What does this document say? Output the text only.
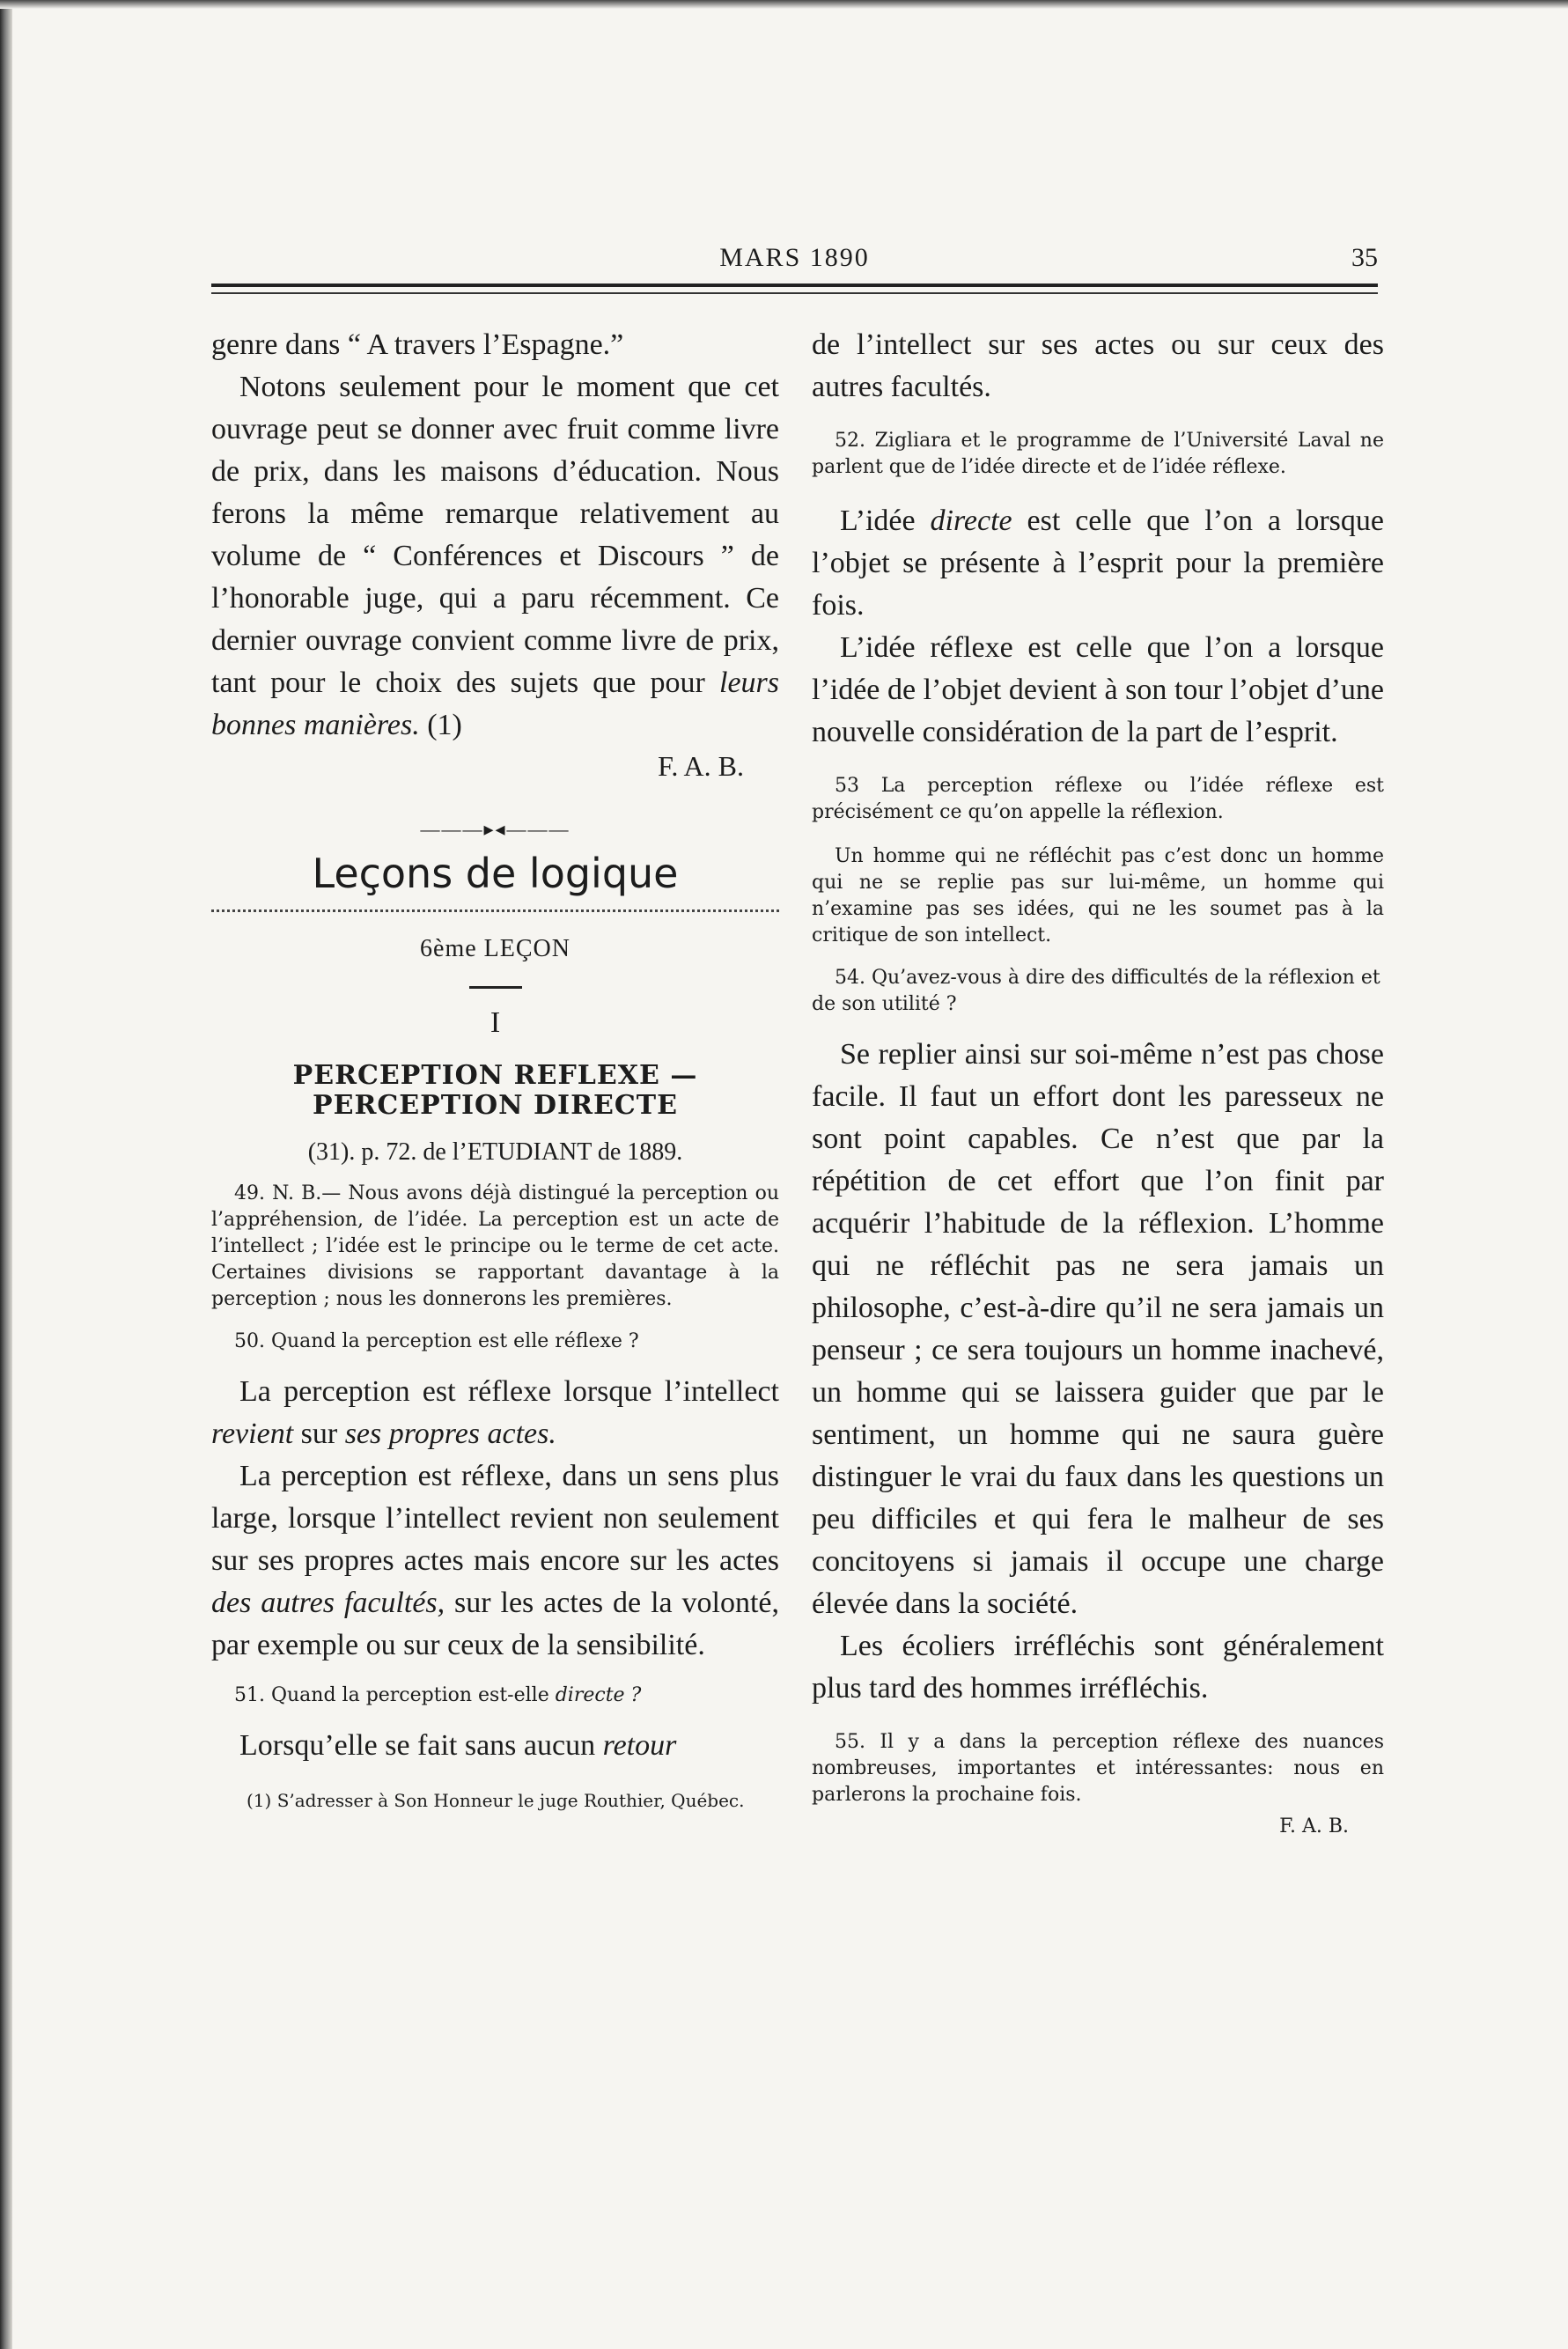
MARS 1890	35

genre dans “ A travers l’Espagne.”

Notons seulement pour le moment que cet ouvrage peut se donner avec fruit comme livre de prix, dans les maisons d’éducation. Nous ferons la même remarque relativement au volume de “ Conférences et Discours ” de l’honorable juge, qui a paru récemment. Ce dernier ouvrage convient comme livre de prix, tant pour le choix des sujets que pour leurs bonnes manières. (1)

F. A. B.

———▸◂———
Leçons de logique

6ème LEÇON

I

PERCEPTION REFLEXE — PERCEPTION DIRECTE

(31). p. 72. de l’ETUDIANT de 1889.

49. N. B.— Nous avons déjà distingué la perception ou l’appréhension, de l’idée. La perception est un acte de l’intellect ; l’idée est le principe ou le terme de cet acte. Certaines divisions se rapportant davantage à la perception ; nous les donnerons les premières.

50. Quand la perception est elle réflexe ?

La perception est réflexe lorsque l’intellect revient sur ses propres actes.

La perception est réflexe, dans un sens plus large, lorsque l’intellect revient non seulement sur ses propres actes mais encore sur les actes des autres facultés, sur les actes de la volonté, par exemple ou sur ceux de la sensibilité.

51. Quand la perception est-elle directe ?

Lorsqu’elle se fait sans aucun retour

(1) S’adresser à Son Honneur le juge Routhier, Québec.

de l’intellect sur ses actes ou sur ceux des autres facultés.

52. Zigliara et le programme de l’Université Laval ne parlent que de l’idée directe et de l’idée réflexe.

L’idée directe est celle que l’on a lorsque l’objet se présente à l’esprit pour la première fois.

L’idée réflexe est celle que l’on a lorsque l’idée de l’objet devient à son tour l’objet d’une nouvelle considération de la part de l’esprit.

53 La perception réflexe ou l’idée réflexe est précisément ce qu’on appelle la réflexion.

Un homme qui ne réfléchit pas c’est donc un homme qui ne se replie pas sur lui-même, un homme qui n’examine pas ses idées, qui ne les soumet pas à la critique de son intellect.

54. Qu’avez-vous à dire des difficultés de la réflexion et de son utilité ?

Se replier ainsi sur soi-même n’est pas chose facile. Il faut un effort dont les paresseux ne sont point capables. Ce n’est que par la répétition de cet effort que l’on finit par acquérir l’habitude de la réflexion. L’homme qui ne réfléchit pas ne sera jamais un philosophe, c’est-à-dire qu’il ne sera jamais un penseur ; ce sera toujours un homme inachevé, un homme qui se laissera guider que par le sentiment, un homme qui ne saura guère distinguer le vrai du faux dans les questions un peu difficiles et qui fera le malheur de ses concitoyens si jamais il occupe une charge élevée dans la société.

Les écoliers irréfléchis sont généralement plus tard des hommes irréfléchis.

55. Il y a dans la perception réflexe des nuances nombreuses, importantes et intéressantes: nous en parlerons la prochaine fois.

F. A. B.
